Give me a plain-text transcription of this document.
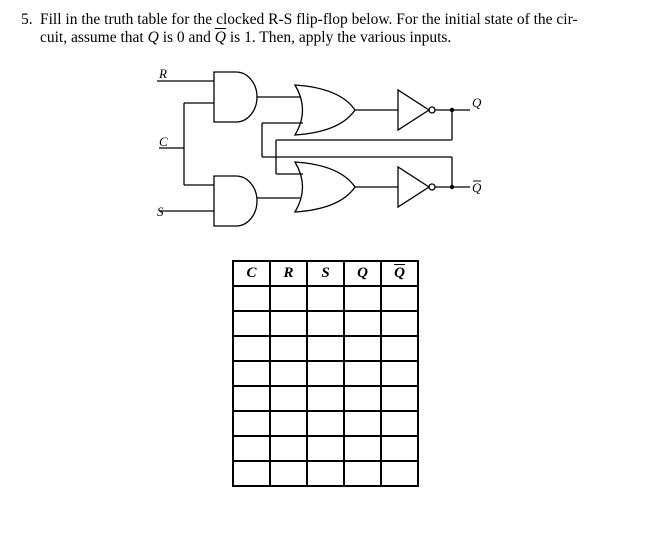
5. Fill in the truth table for the clocked R-S flip-flop below. For the initial state of the cir-
cuit, assume that Q is 0 and $\overline{Q}$ is 1. Then, apply the various inputs.
R
C
S
Q
Q
C	R	S	Q	$\overline{Q}$
